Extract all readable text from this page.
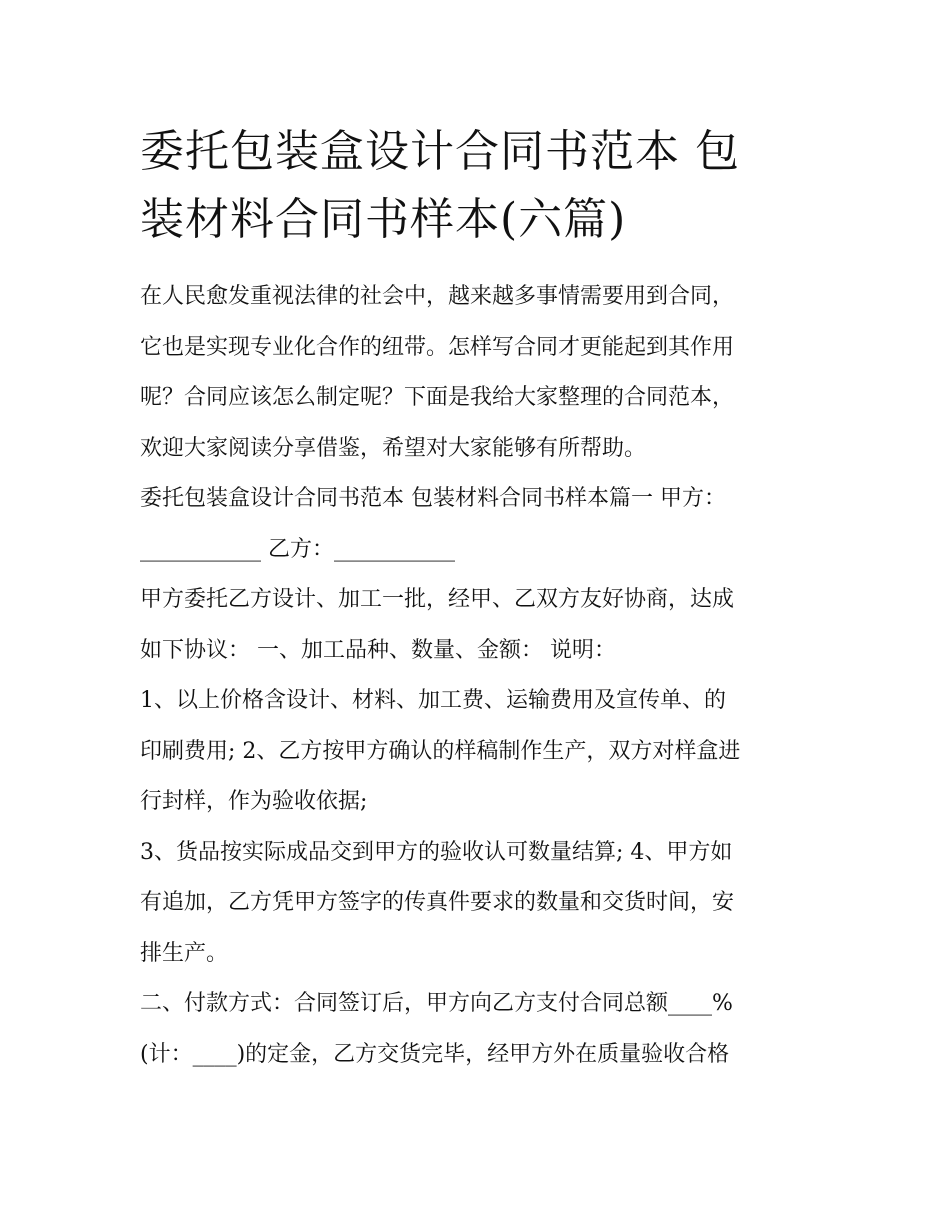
委托包装盒设计合同书范本 包
装材料合同书样本(六篇)
在人民愈发重视法律的社会中，越来越多事情需要用到合同，
它也是实现专业化合作的纽带。怎样写合同才更能起到其作用
呢？合同应该怎么制定呢？下面是我给大家整理的合同范本，
欢迎大家阅读分享借鉴，希望对大家能够有所帮助。
委托包装盒设计合同书范本 包装材料合同书样本篇一 甲方：
___________ 乙方：___________
甲方委托乙方设计、加工一批，经甲、乙双方友好协商，达成
如下协议： 一、加工品种、数量、金额： 说明：
1、以上价格含设计、材料、加工费、运输费用及宣传单、的
印刷费用; 2、乙方按甲方确认的样稿制作生产，双方对样盒进
行封样，作为验收依据;
3、货品按实际成品交到甲方的验收认可数量结算; 4、甲方如
有追加，乙方凭甲方签字的传真件要求的数量和交货时间，安
排生产。
二、付款方式：合同签订后，甲方向乙方支付合同总额____%
(计：____)的定金，乙方交货完毕，经甲方外在质量验收合格
